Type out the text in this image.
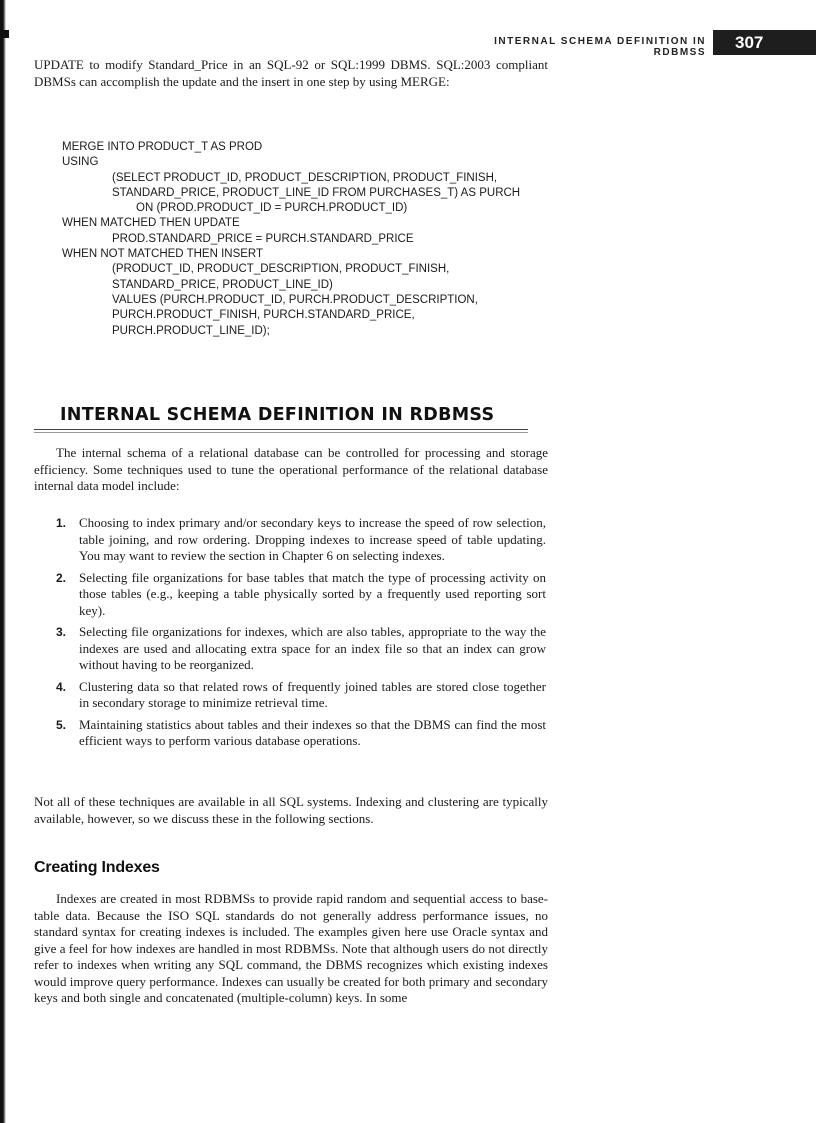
INTERNAL SCHEMA DEFINITION IN RDBMSS
307

UPDATE to modify Standard_Price in an SQL-92 or SQL:1999 DBMS. SQL:2003 compliant DBMSs can accomplish the update and the insert in one step by using MERGE:

MERGE INTO PRODUCT_T AS PROD
USING
(SELECT PRODUCT_ID, PRODUCT_DESCRIPTION, PRODUCT_FINISH,
STANDARD_PRICE, PRODUCT_LINE_ID FROM PURCHASES_T) AS PURCH
ON (PROD.PRODUCT_ID = PURCH.PRODUCT_ID)
WHEN MATCHED THEN UPDATE
PROD.STANDARD_PRICE = PURCH.STANDARD_PRICE
WHEN NOT MATCHED THEN INSERT
(PRODUCT_ID, PRODUCT_DESCRIPTION, PRODUCT_FINISH,
STANDARD_PRICE, PRODUCT_LINE_ID)
VALUES (PURCH.PRODUCT_ID, PURCH.PRODUCT_DESCRIPTION,
PURCH.PRODUCT_FINISH, PURCH.STANDARD_PRICE,
PURCH.PRODUCT_LINE_ID);
INTERNAL SCHEMA DEFINITION IN RDBMSS

The internal schema of a relational database can be controlled for processing and storage efficiency. Some techniques used to tune the operational performance of the relational database internal data model include:

1. Choosing to index primary and/or secondary keys to increase the speed of row selection, table joining, and row ordering. Dropping indexes to increase speed of table updating. You may want to review the section in Chapter 6 on selecting indexes.
2. Selecting file organizations for base tables that match the type of processing activity on those tables (e.g., keeping a table physically sorted by a frequently used reporting sort key).
3. Selecting file organizations for indexes, which are also tables, appropriate to the way the indexes are used and allocating extra space for an index file so that an index can grow without having to be reorganized.
4. Clustering data so that related rows of frequently joined tables are stored close together in secondary storage to minimize retrieval time.
5. Maintaining statistics about tables and their indexes so that the DBMS can find the most efficient ways to perform various database operations.

Not all of these techniques are available in all SQL systems. Indexing and clustering are typically available, however, so we discuss these in the following sections.

Creating Indexes

Indexes are created in most RDBMSs to provide rapid random and sequential access to base-table data. Because the ISO SQL standards do not generally address performance issues, no standard syntax for creating indexes is included. The examples given here use Oracle syntax and give a feel for how indexes are handled in most RDBMSs. Note that although users do not directly refer to indexes when writing any SQL command, the DBMS recognizes which existing indexes would improve query performance. Indexes can usually be created for both primary and secondary keys and both single and concatenated (multiple-column) keys. In some
